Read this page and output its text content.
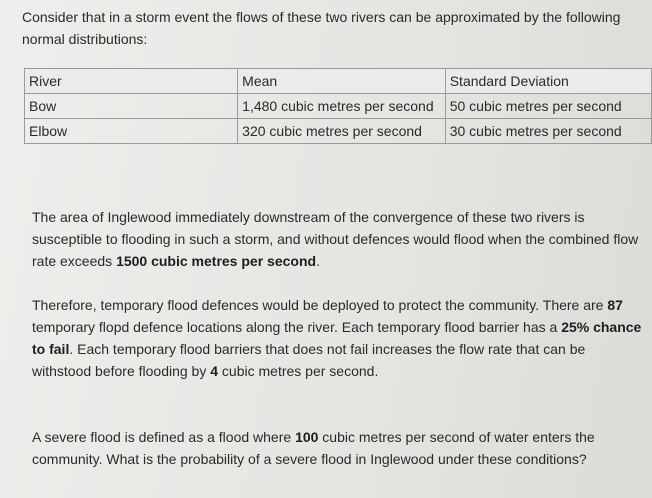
Consider that in a storm event the flows of these two rivers can be approximated by the following normal distributions:
River	Mean	Standard Deviation
Bow	1,480 cubic metres per second	50 cubic metres per second
Elbow	320 cubic metres per second	30 cubic metres per second
The area of Inglewood immediately downstream of the convergence of these two rivers is susceptible to flooding in such a storm, and without defences would flood when the combined flow rate exceeds 1500 cubic metres per second.
Therefore, temporary flood defences would be deployed to protect the community. There are 87 temporary flopd defence locations along the river. Each temporary flood barrier has a 25% chance to fail. Each temporary flood barriers that does not fail increases the flow rate that can be withstood before flooding by 4 cubic metres per second.
A severe flood is defined as a flood where 100 cubic metres per second of water enters the community. What is the probability of a severe flood in Inglewood under these conditions?
